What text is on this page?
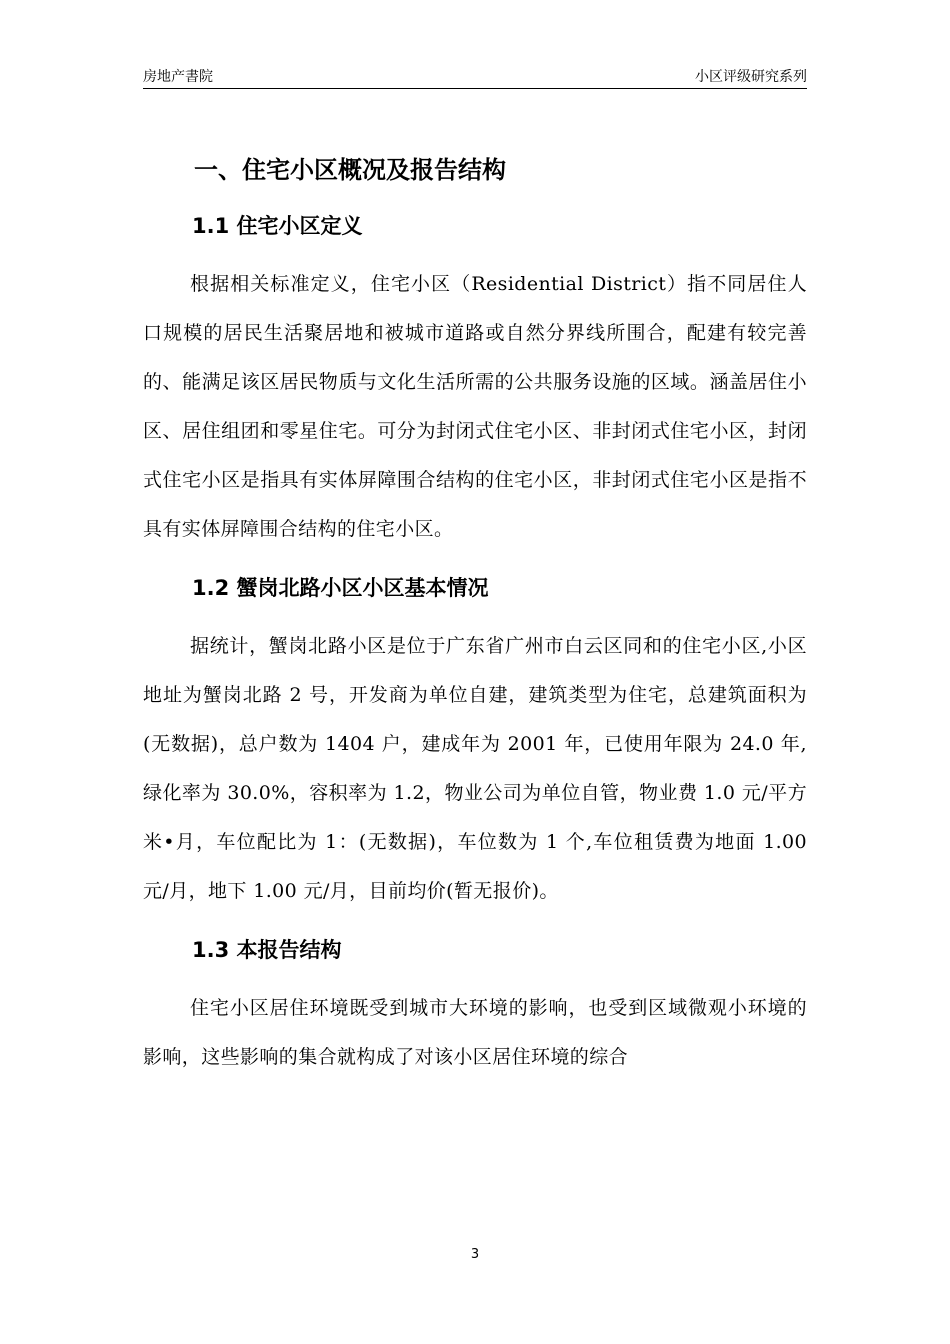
房地产書院	小区评级研究系列
一、住宅小区概况及报告结构
1.1 住宅小区定义

根据相关标准定义，住宅小区（Residential District）指不同居住人口规模的居民生活聚居地和被城市道路或自然分界线所围合，配建有较完善的、能满足该区居民物质与文化生活所需的公共服务设施的区域。涵盖居住小区、居住组团和零星住宅。可分为封闭式住宅小区、非封闭式住宅小区，封闭式住宅小区是指具有实体屏障围合结构的住宅小区，非封闭式住宅小区是指不具有实体屏障围合结构的住宅小区。

1.2 蟹岗北路小区小区基本情况

据统计，蟹岗北路小区是位于广东省广州市白云区同和的住宅小区,小区地址为蟹岗北路 2 号，开发商为单位自建，建筑类型为住宅，总建筑面积为(无数据)，总户数为 1404 户，建成年为 2001 年，已使用年限为 24.0 年,绿化率为 30.0%，容积率为 1.2，物业公司为单位自管，物业费 1.0 元/平方米•月，车位配比为 1：(无数据)，车位数为 1 个,车位租赁费为地面 1.00 元/月，地下 1.00 元/月，目前均价(暂无报价)。

1.3 本报告结构

住宅小区居住环境既受到城市大环境的影响，也受到区域微观小环境的影响，这些影响的集合就构成了对该小区居住环境的综合

3
